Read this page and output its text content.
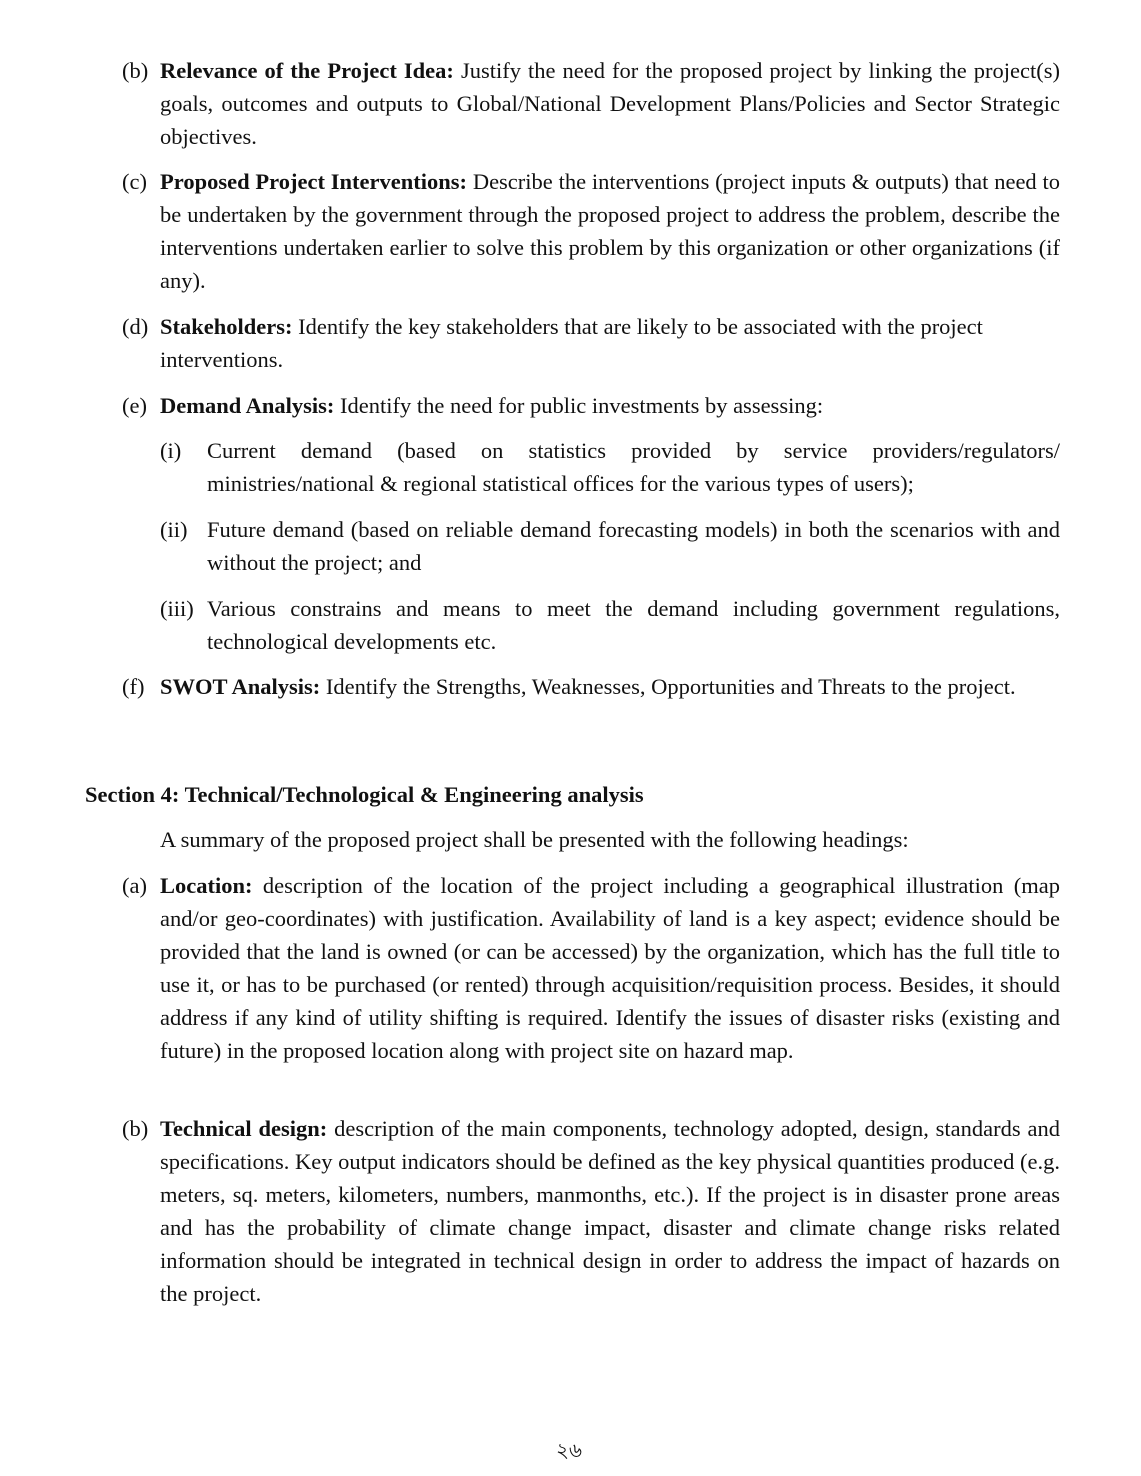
(b) Relevance of the Project Idea: Justify the need for the proposed project by linking the project(s) goals, outcomes and outputs to Global/National Development Plans/Policies and Sector Strategic objectives.
(c) Proposed Project Interventions: Describe the interventions (project inputs & outputs) that need to be undertaken by the government through the proposed project to address the problem, describe the interventions undertaken earlier to solve this problem by this organization or other organizations (if any).
(d) Stakeholders: Identify the key stakeholders that are likely to be associated with the project interventions.
(e) Demand Analysis: Identify the need for public investments by assessing:
(i) Current demand (based on statistics provided by service providers/regulators/ ministries/national & regional statistical offices for the various types of users);
(ii) Future demand (based on reliable demand forecasting models) in both the scenarios with and without the project; and
(iii) Various constrains and means to meet the demand including government regulations, technological developments etc.
(f) SWOT Analysis: Identify the Strengths, Weaknesses, Opportunities and Threats to the project.
Section 4: Technical/Technological & Engineering analysis
A summary of the proposed project shall be presented with the following headings:
(a) Location: description of the location of the project including a geographical illustration (map and/or geo-coordinates) with justification. Availability of land is a key aspect; evidence should be provided that the land is owned (or can be accessed) by the organization, which has the full title to use it, or has to be purchased (or rented) through acquisition/requisition process. Besides, it should address if any kind of utility shifting is required. Identify the issues of disaster risks (existing and future) in the proposed location along with project site on hazard map.
(b) Technical design: description of the main components, technology adopted, design, standards and specifications. Key output indicators should be defined as the key physical quantities produced (e.g. meters, sq. meters, kilometers, numbers, manmonths, etc.). If the project is in disaster prone areas and has the probability of climate change impact, disaster and climate change risks related information should be integrated in technical design in order to address the impact of hazards on the project.
২৬
